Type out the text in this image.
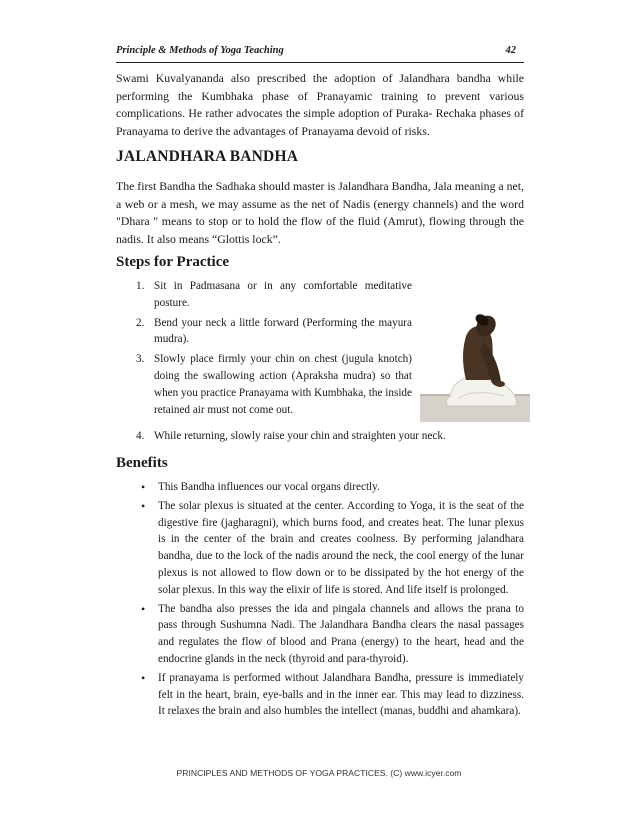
Principle & Methods of Yoga Teaching	42

Swami Kuvalyananda also prescribed the adoption of Jalandhara bandha while performing the Kumbhaka phase of Pranayamic training to prevent various complications. He rather advocates the simple adoption of Puraka- Rechaka phases of Pranayama to derive the advantages of Pranayama devoid of risks.

JALANDHARA BANDHA

The first Bandha the Sadhaka should master is Jalandhara Bandha, Jala meaning a net, a web or a mesh, we may assume as the net of Nadis (energy channels) and the word "Dhara " means to stop or to hold the flow of the fluid (Amrut), flowing through the nadis. It also means “Glottis lock”.

Steps for Practice
1. Sit in Padmasana or in any comfortable meditative posture.
2. Bend your neck a little forward (Performing the mayura mudra).
3. Slowly place firmly your chin on chest (jugula knotch) doing the swallowing action (Apraksha mudra) so that when you practice Pranayama with Kumbhaka, the inside retained air must not come out.
4. While returning, slowly raise your chin and straighten your neck.
Benefits
• This Bandha influences our vocal organs directly.
• The solar plexus is situated at the center. According to Yoga, it is the seat of the digestive fire (jagharagni), which burns food, and creates heat. The lunar plexus is in the center of the brain and creates coolness. By performing jalandhara bandha, due to the lock of the nadis around the neck, the cool energy of the lunar plexus is not allowed to flow down or to be dissipated by the hot energy of the solar plexus. In this way the elixir of life is stored. And life itself is prolonged.
• The bandha also presses the ida and pingala channels and allows the prana to pass through Sushumna Nadi. The Jalandhara Bandha clears the nasal passages and regulates the flow of blood and Prana (energy) to the heart, head and the endocrine glands in the neck (thyroid and para-thyroid).
• If pranayama is performed without Jalandhara Bandha, pressure is immediately felt in the heart, brain, eye-balls and in the inner ear. This may lead to dizziness. It relaxes the brain and also humbles the intellect (manas, buddhi and ahamkara).
PRINCIPLES AND METHODS OF YOGA PRACTICES. (C) www.icyer.com
